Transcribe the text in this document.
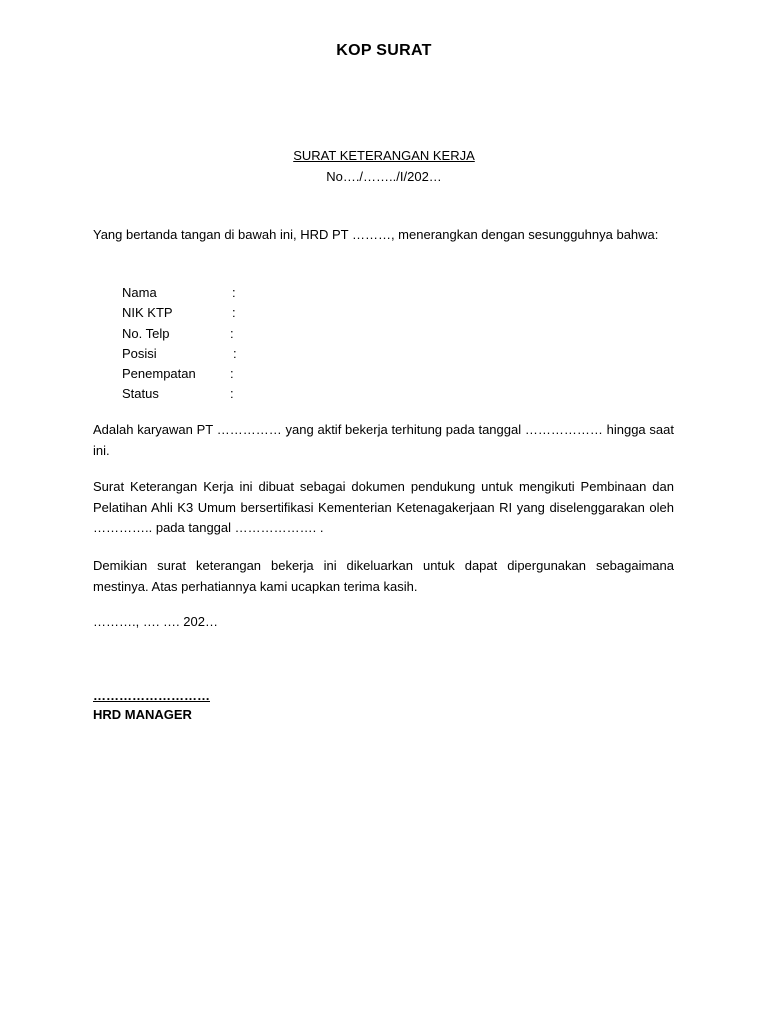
KOP SURAT
SURAT KETERANGAN KERJA
No…./……../I/202…
Yang bertanda tangan di bawah ini, HRD PT ………, menerangkan dengan sesungguhnya bahwa:
Nama	:
NIK KTP	:
No. Telp	:
Posisi	:
Penempatan	:
Status	:
Adalah karyawan PT …………… yang aktif bekerja terhitung pada tanggal ……………… hingga saat ini.
Surat Keterangan Kerja ini dibuat sebagai dokumen pendukung untuk mengikuti Pembinaan dan Pelatihan Ahli K3 Umum bersertifikasi Kementerian Ketenagakerjaan RI yang diselenggarakan oleh ………….. pada tanggal ………………. .
Demikian surat keterangan bekerja ini dikeluarkan untuk dapat dipergunakan sebagaimana mestinya. Atas perhatiannya kami ucapkan terima kasih.
………., …. …. 202…
………………………
HRD MANAGER
